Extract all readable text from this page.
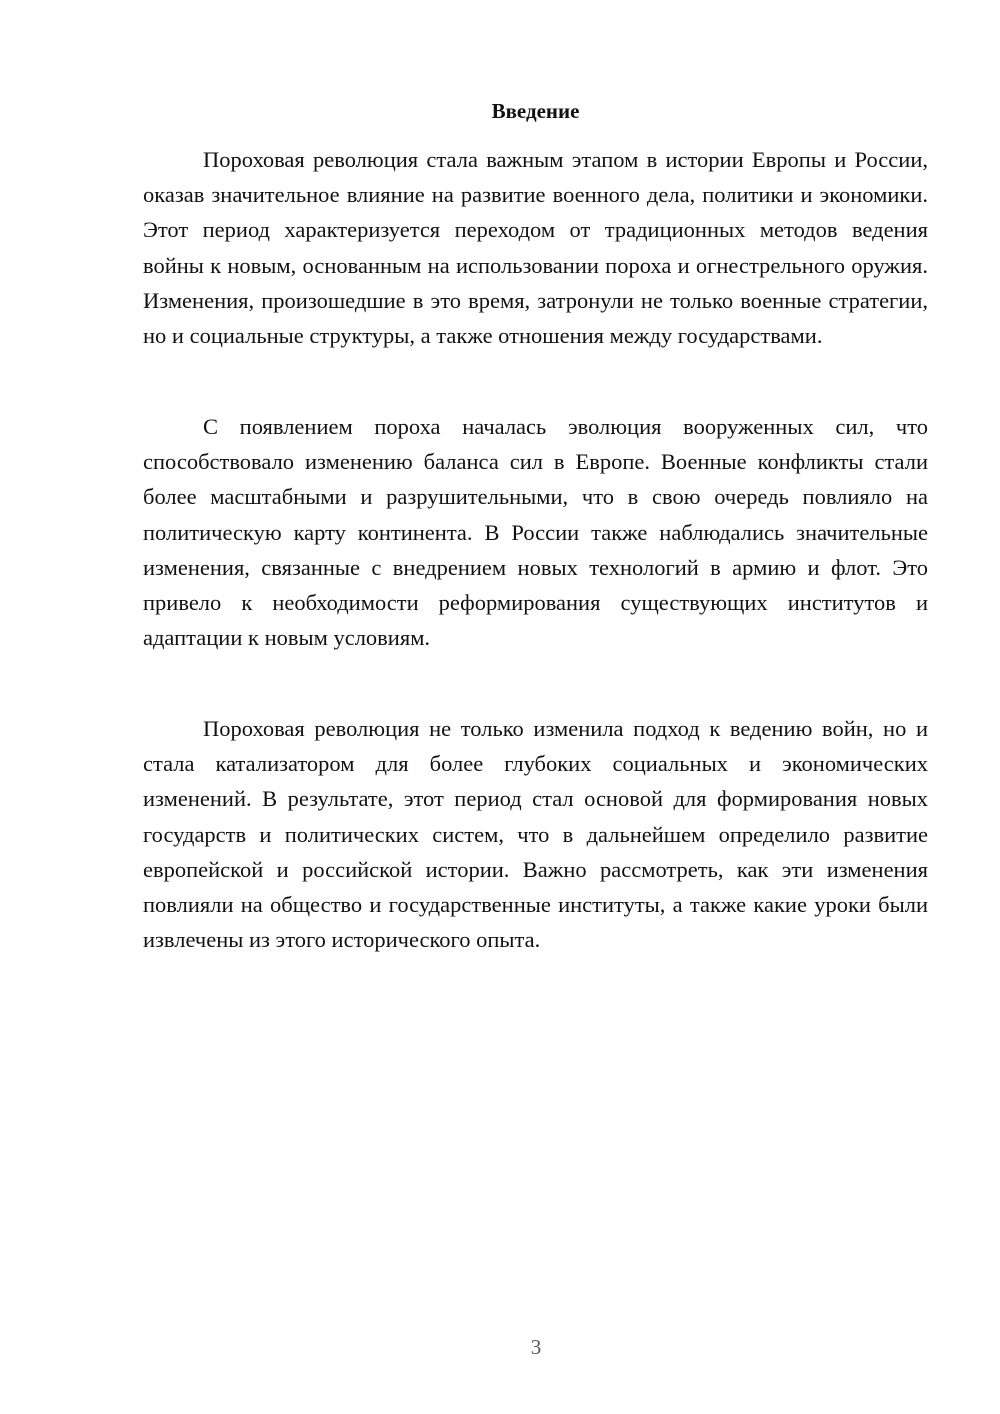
Введение

Пороховая революция стала важным этапом в истории Европы и России, оказав значительное влияние на развитие военного дела, политики и экономики. Этот период характеризуется переходом от традиционных методов ведения войны к новым, основанным на использовании пороха и огнестрельного оружия. Изменения, произошедшие в это время, затронули не только военные стратегии, но и социальные структуры, а также отношения между государствами.

С появлением пороха началась эволюция вооруженных сил, что способствовало изменению баланса сил в Европе. Военные конфликты стали более масштабными и разрушительными, что в свою очередь повлияло на политическую карту континента. В России также наблюдались значительные изменения, связанные с внедрением новых технологий в армию и флот. Это привело к необходимости реформирования существующих институтов и адаптации к новым условиям.

Пороховая революция не только изменила подход к ведению войн, но и стала катализатором для более глубоких социальных и экономических изменений. В результате, этот период стал основой для формирования новых государств и политических систем, что в дальнейшем определило развитие европейской и российской истории. Важно рассмотреть, как эти изменения повлияли на общество и государственные институты, а также какие уроки были извлечены из этого исторического опыта.

3
